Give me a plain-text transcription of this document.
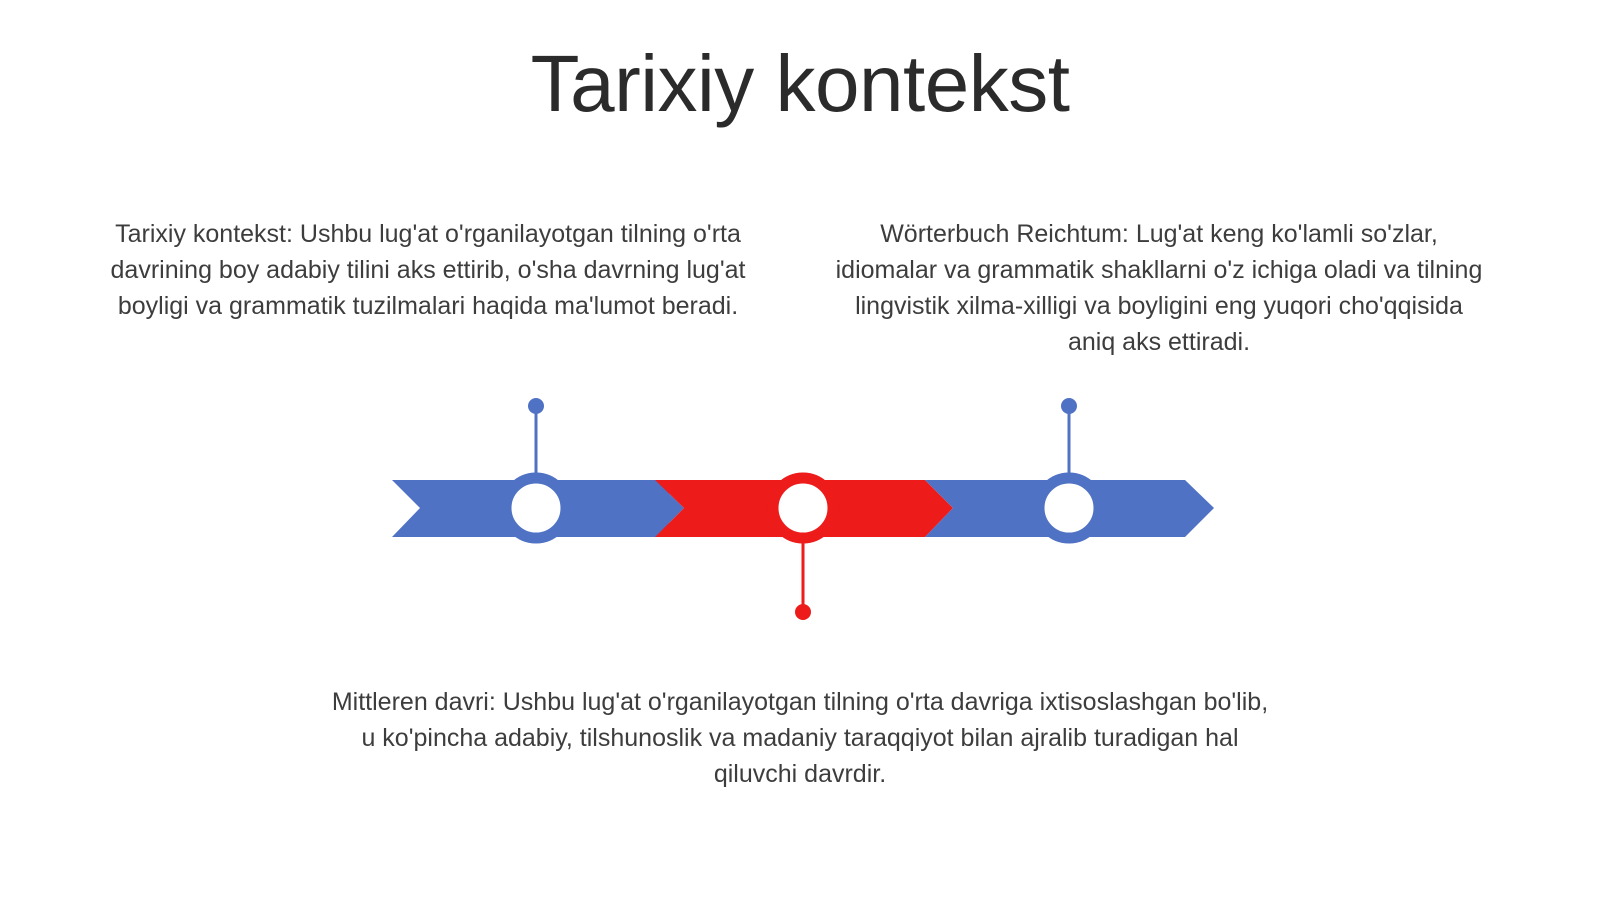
Tarixiy kontekst
Tarixiy kontekst: Ushbu lug'at o'rganilayotgan tilning o'rta davrining boy adabiy tilini aks ettirib, o'sha davrning lug'at boyligi va grammatik tuzilmalari haqida ma'lumot beradi.
Wörterbuch Reichtum: Lug'at keng ko'lamli so'zlar, idiomalar va grammatik shakllarni o'z ichiga oladi va tilning lingvistik xilma-xilligi va boyligini eng yuqori cho'qqisida aniq aks ettiradi.
Mittleren davri: Ushbu lug'at o'rganilayotgan tilning o'rta davriga ixtisoslashgan bo'lib, u ko'pincha adabiy, tilshunoslik va madaniy taraqqiyot bilan ajralib turadigan hal qiluvchi davrdir.
